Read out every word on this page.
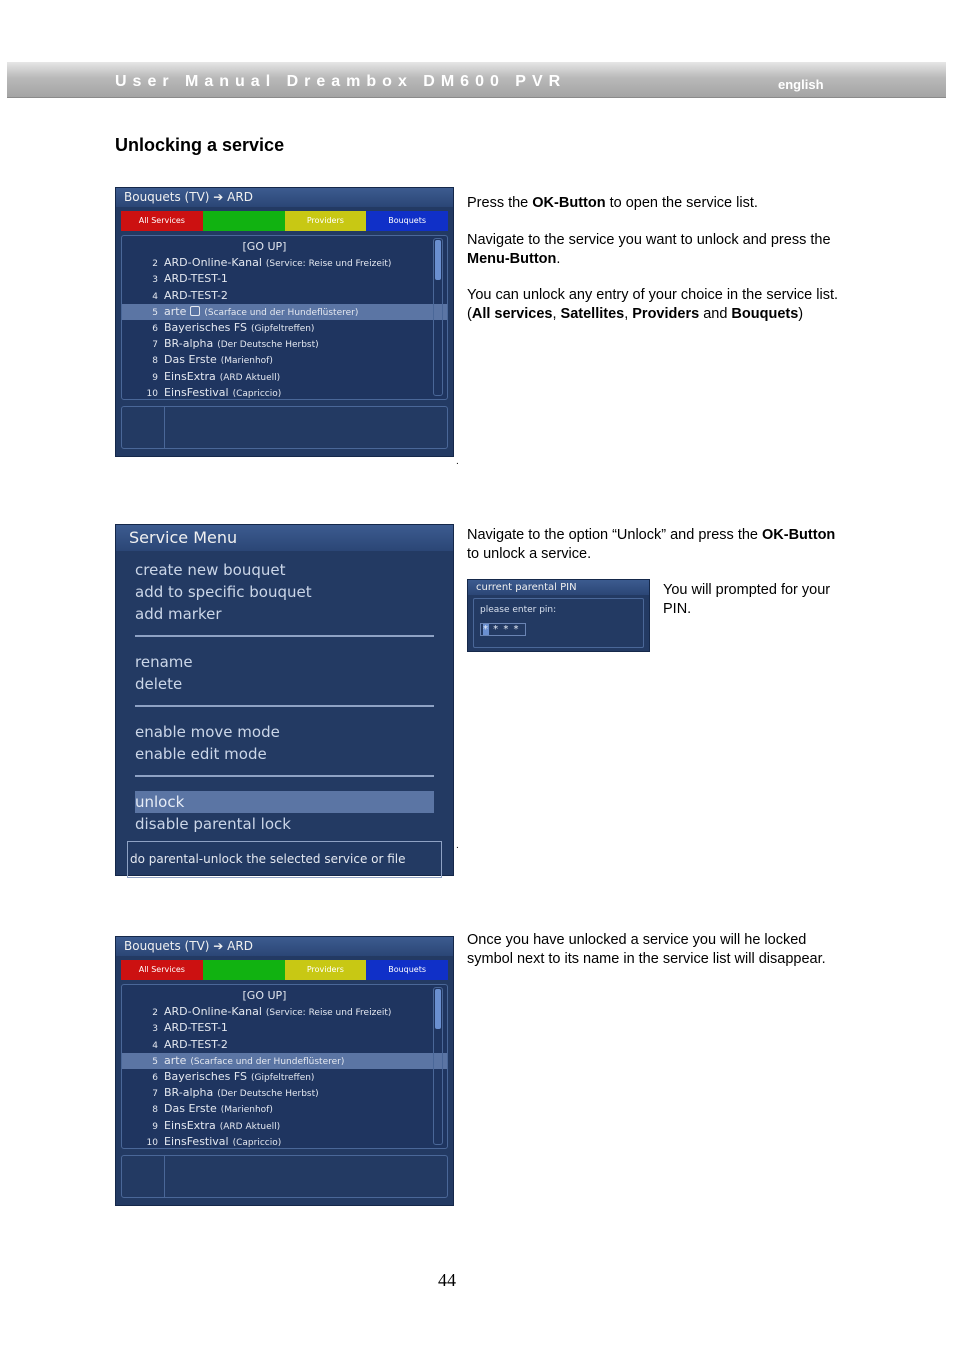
User Manual Dreambox DM600 PVR	english
Unlocking a service
Bouquets (TV) ➔ ARD
All Services	Providers	Bouquets
[GO UP]
2 ARD-Online-Kanal (Service: Reise und Freizeit)
3 ARD-TEST-1
4 ARD-TEST-2
5 arte (Scarface und der Hundeflüsterer)
6 Bayerisches FS (Gipfeltreffen)
7 BR-alpha (Der Deutsche Herbst)
8 Das Erste (Marienhof)
9 EinsExtra (ARD Aktuell)
10 EinsFestival (Capriccio)
.
Press the OK-Button to open the service list.
Navigate to the service you want to unlock and press the Menu-Button.
You can unlock any entry of your choice in the service list. (All services, Satellites, Providers and Bouquets)
Service Menu
create new bouquet
add to specific bouquet
add marker
rename
delete
enable move mode
enable edit mode
unlock
disable parental lock
do parental-unlock the selected service or file
.
Navigate to the option “Unlock” and press the OK-Button to unlock a service.
current parental PIN
please enter pin:
* * * *
You will prompted for your PIN.
Bouquets (TV) ➔ ARD
All Services	Providers	Bouquets
[GO UP]
2 ARD-Online-Kanal (Service: Reise und Freizeit)
3 ARD-TEST-1
4 ARD-TEST-2
5 arte (Scarface und der Hundeflüsterer)
6 Bayerisches FS (Gipfeltreffen)
7 BR-alpha (Der Deutsche Herbst)
8 Das Erste (Marienhof)
9 EinsExtra (ARD Aktuell)
10 EinsFestival (Capriccio)
Once you have unlocked a service you will he locked symbol next to its name in the service list will disappear.
44
